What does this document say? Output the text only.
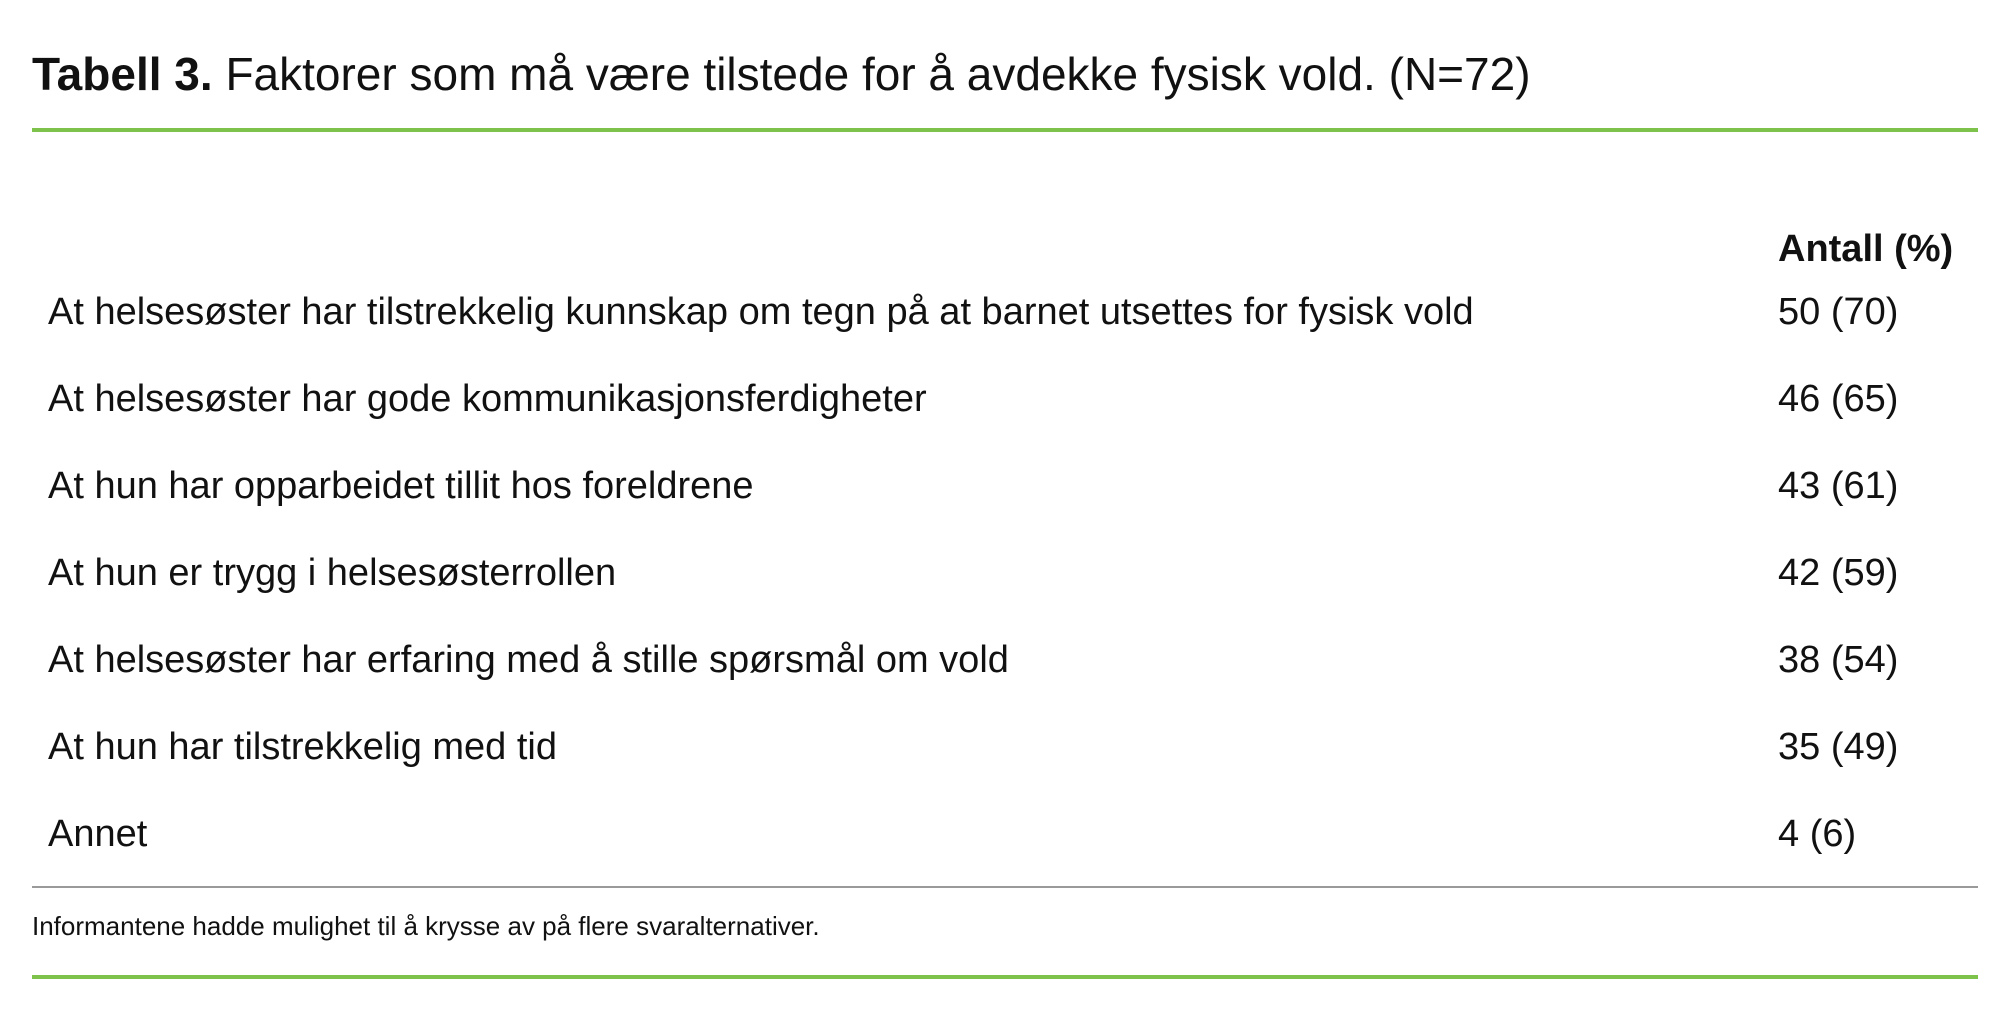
Tabell 3. Faktorer som må være tilstede for å avdekke fysisk vold. (N=72)
Antall (%)
At helsesøster har tilstrekkelig kunnskap om tegn på at barnet utsettes for fysisk vold	50 (70)
At helsesøster har gode kommunikasjonsferdigheter	46 (65)
At hun har opparbeidet tillit hos foreldrene	43 (61)
At hun er trygg i helsesøsterrollen	42 (59)
At helsesøster har erfaring med å stille spørsmål om vold	38 (54)
At hun har tilstrekkelig med tid	35 (49)
Annet	4 (6)
Informantene hadde mulighet til å krysse av på flere svaralternativer.
